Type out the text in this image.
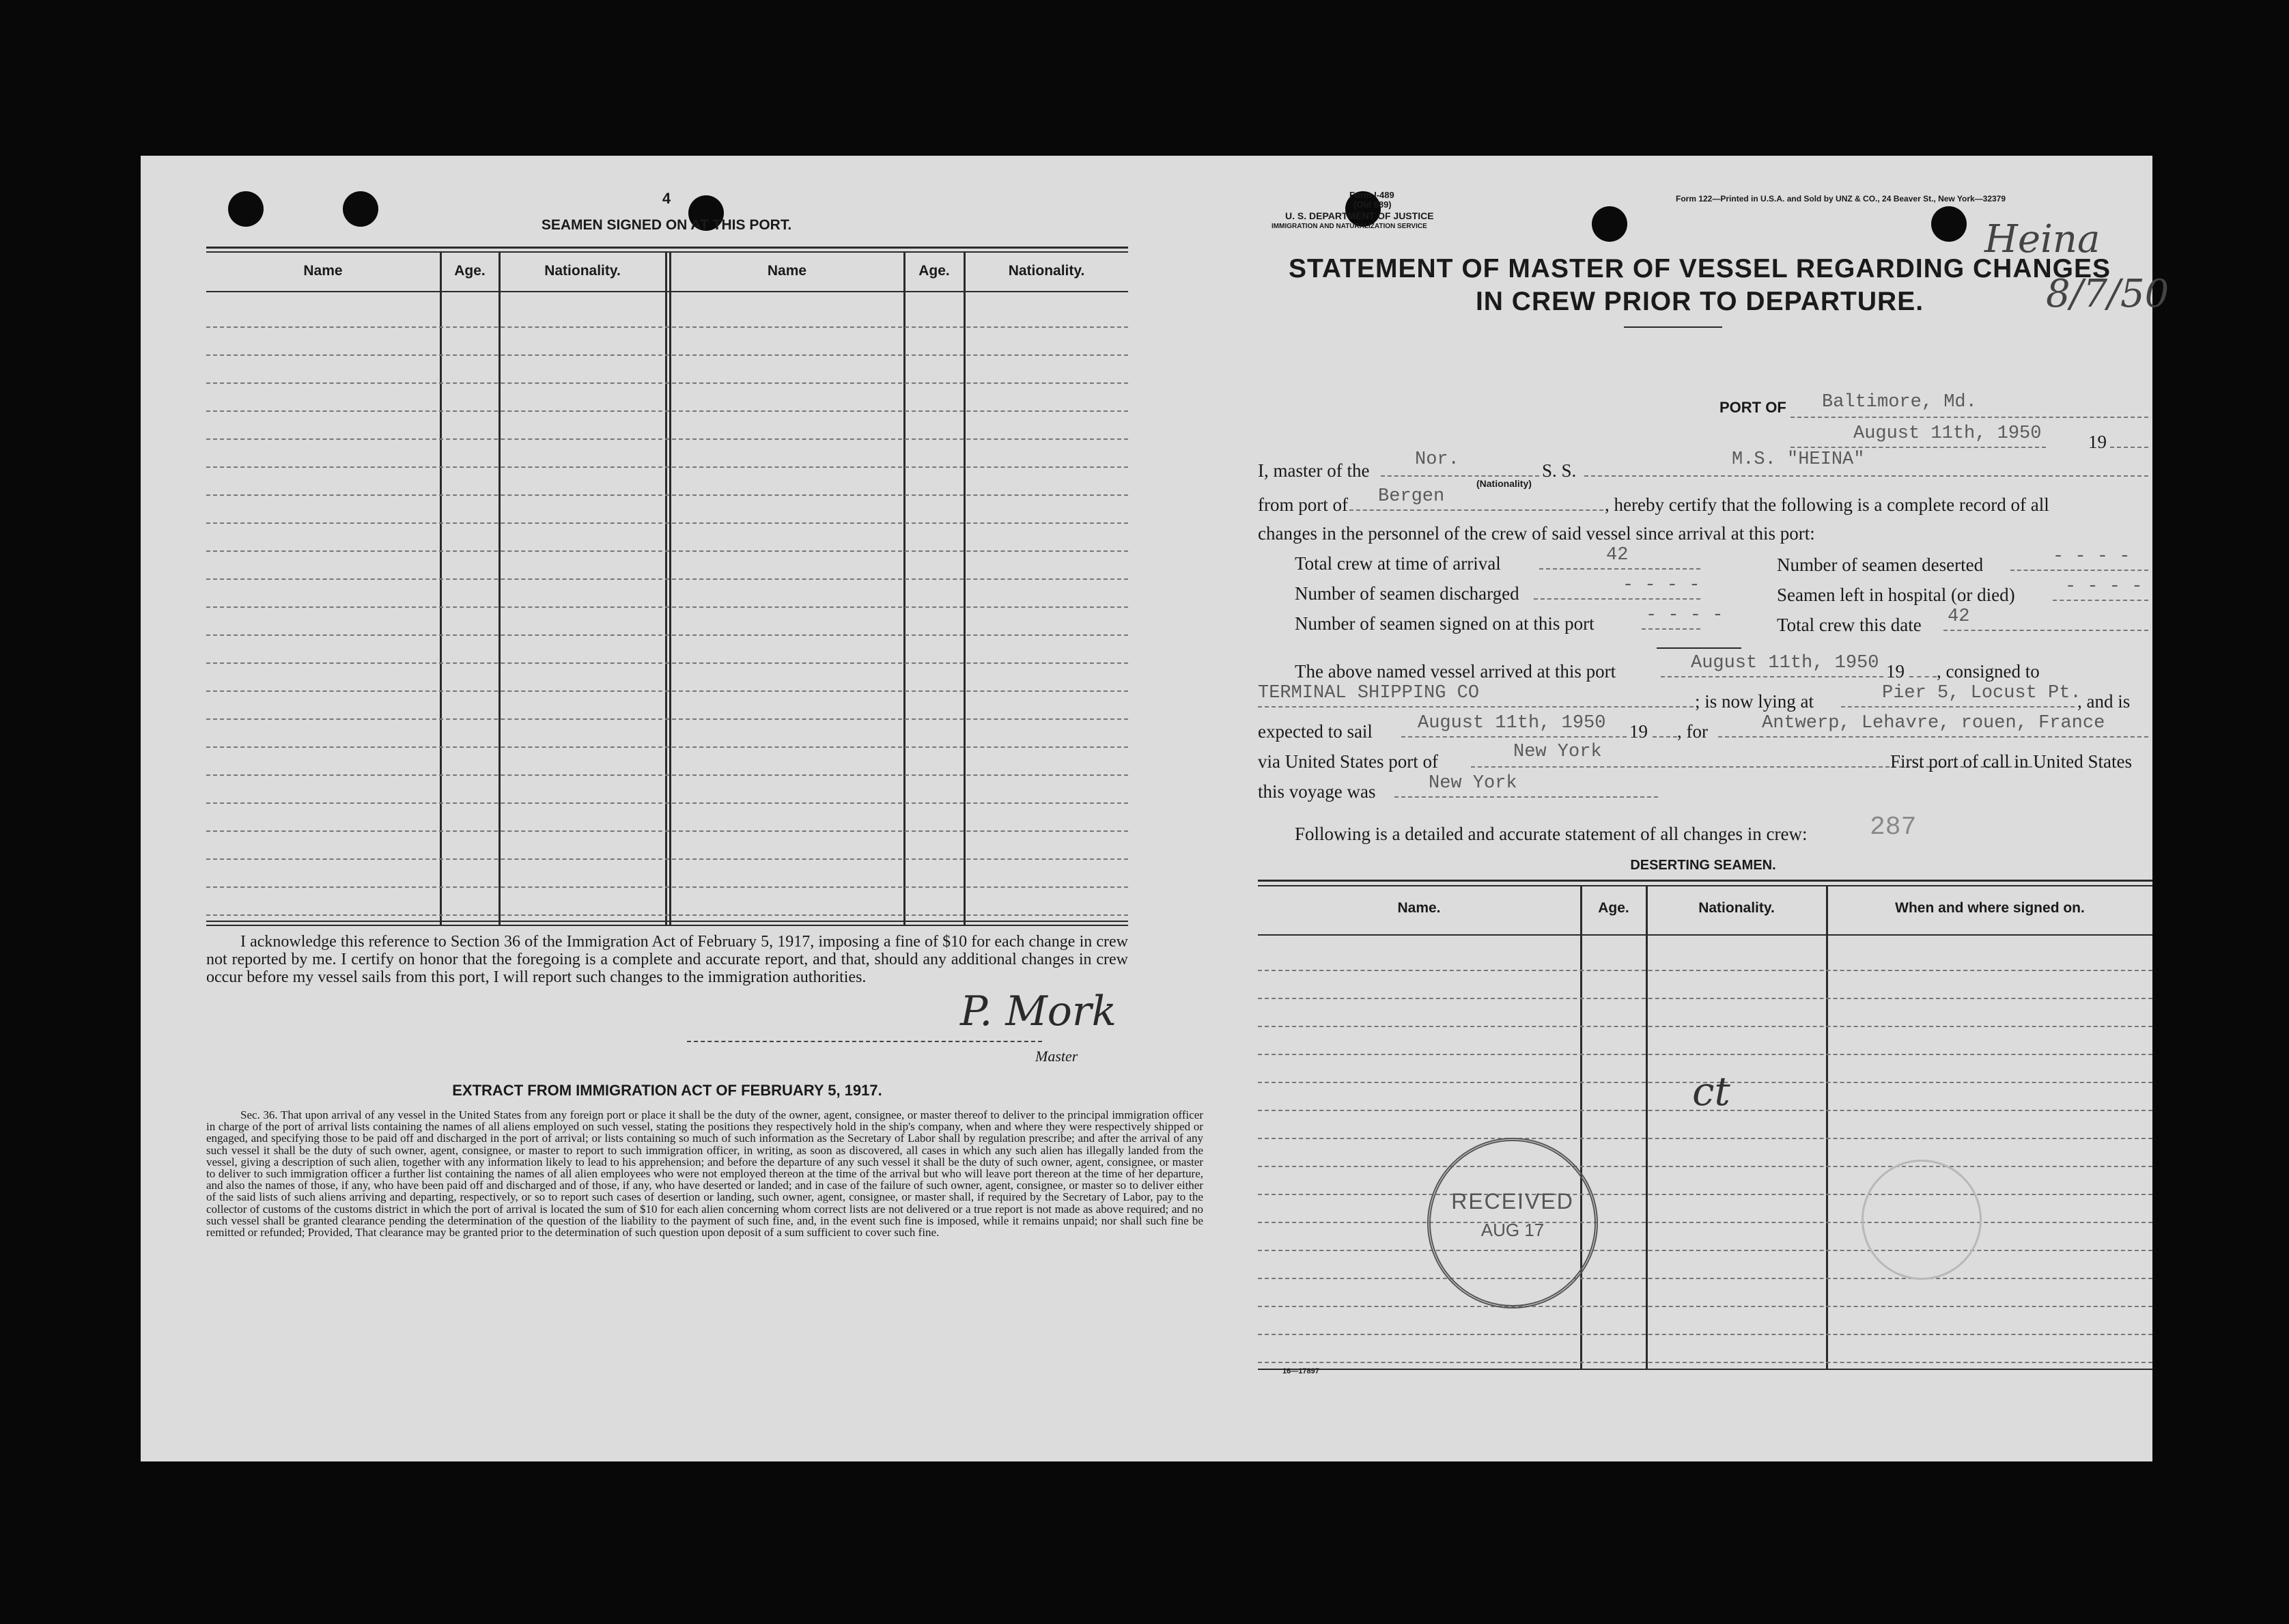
4
SEAMEN SIGNED ON AT THIS PORT.
Name	Age.	Nationality.	Name	Age.	Nationality.
I acknowledge this reference to Section 36 of the Immigration Act of February 5, 1917, imposing a fine of $10 for each change in crew not reported by me. I certify on honor that the foregoing is a complete and accurate report, and that, should any additional changes in crew occur before my vessel sails from this port, I will report such changes to the immigration authorities.
P. Mork
Master
EXTRACT FROM IMMIGRATION ACT OF FEBRUARY 5, 1917.
Sec. 36. That upon arrival of any vessel in the United States from any foreign port or place it shall be the duty of the owner, agent, consignee, or master thereof to deliver to the principal immigration officer in charge of the port of arrival lists containing the names of all aliens employed on such vessel, stating the positions they respectively hold in the ship's company, when and where they were respectively shipped or engaged, and specifying those to be paid off and discharged in the port of arrival; or lists containing so much of such information as the Secretary of Labor shall by regulation prescribe; and after the arrival of any such vessel it shall be the duty of such owner, agent, consignee, or master to report to such immigration officer, in writing, as soon as discovered, all cases in which any such alien has illegally landed from the vessel, giving a description of such alien, together with any information likely to lead to his apprehension; and before the departure of any such vessel it shall be the duty of such owner, agent, consignee, or master to deliver to such immigration officer a further list containing the names of all alien employees who were not employed thereon at the time of the arrival but who will leave port thereon at the time of her departure, and also the names of those, if any, who have been paid off and discharged and of those, if any, who have deserted or landed; and in case of the failure of such owner, agent, consignee, or master so to deliver either of the said lists of such aliens arriving and departing, respectively, or so to report such cases of desertion or landing, such owner, agent, consignee, or master shall, if required by the Secretary of Labor, pay to the collector of customs of the customs district in which the port of arrival is located the sum of $10 for each alien concerning whom correct lists are not delivered or a true report is not made as above required; and no such vessel shall be granted clearance pending the determination of the question of the liability to the payment of such fine, and, in the event such fine is imposed, while it remains unpaid; nor shall such fine be remitted or refunded; Provided, That clearance may be granted prior to the determination of such question upon deposit of a sum sufficient to cover such fine.
Form I-489
(Old 689)
U. S. DEPARTMENT OF JUSTICE
IMMIGRATION AND NATURALIZATION SERVICE
Form 122—Printed in U.S.A. and Sold by UNZ & CO., 24 Beaver St., New York—32379
Heina
8/7/50
STATEMENT OF MASTER OF VESSEL REGARDING CHANGES
IN CREW PRIOR TO DEPARTURE.
PORT OF Baltimore, Md.
August 11th, 1950	19
I, master of the
Nor.
(Nationality)
S. S.
M.S. "HEINA"
from port of Bergen	, hereby certify that the following is a complete record of all
changes in the personnel of the crew of said vessel since arrival at this port:
Total crew at time of arrival	42	Number of seamen deserted	- - - -
Number of seamen discharged	- - - -	Seamen left in hospital (or died)	- - - -
Number of seamen signed on at this port	- - - -	Total crew this date 42
The above named vessel arrived at this port	August 11th, 1950 19 , consigned to
TERMINAL SHIPPING CO	; is now lying at	Pier 5, Locust Pt.
, and is
expected to sail August 11th, 1950 19 , for	Antwerp, Lehavre, rouen, France
via United States port of	New York	First port of call in United States
this voyage was	New York
Following is a detailed and accurate statement of all changes in crew: 287
DESERTING SEAMEN.
Name.	Age.	Nationality.	When and where signed on.
ct
RECEIVED
AUG 17
16—17897
